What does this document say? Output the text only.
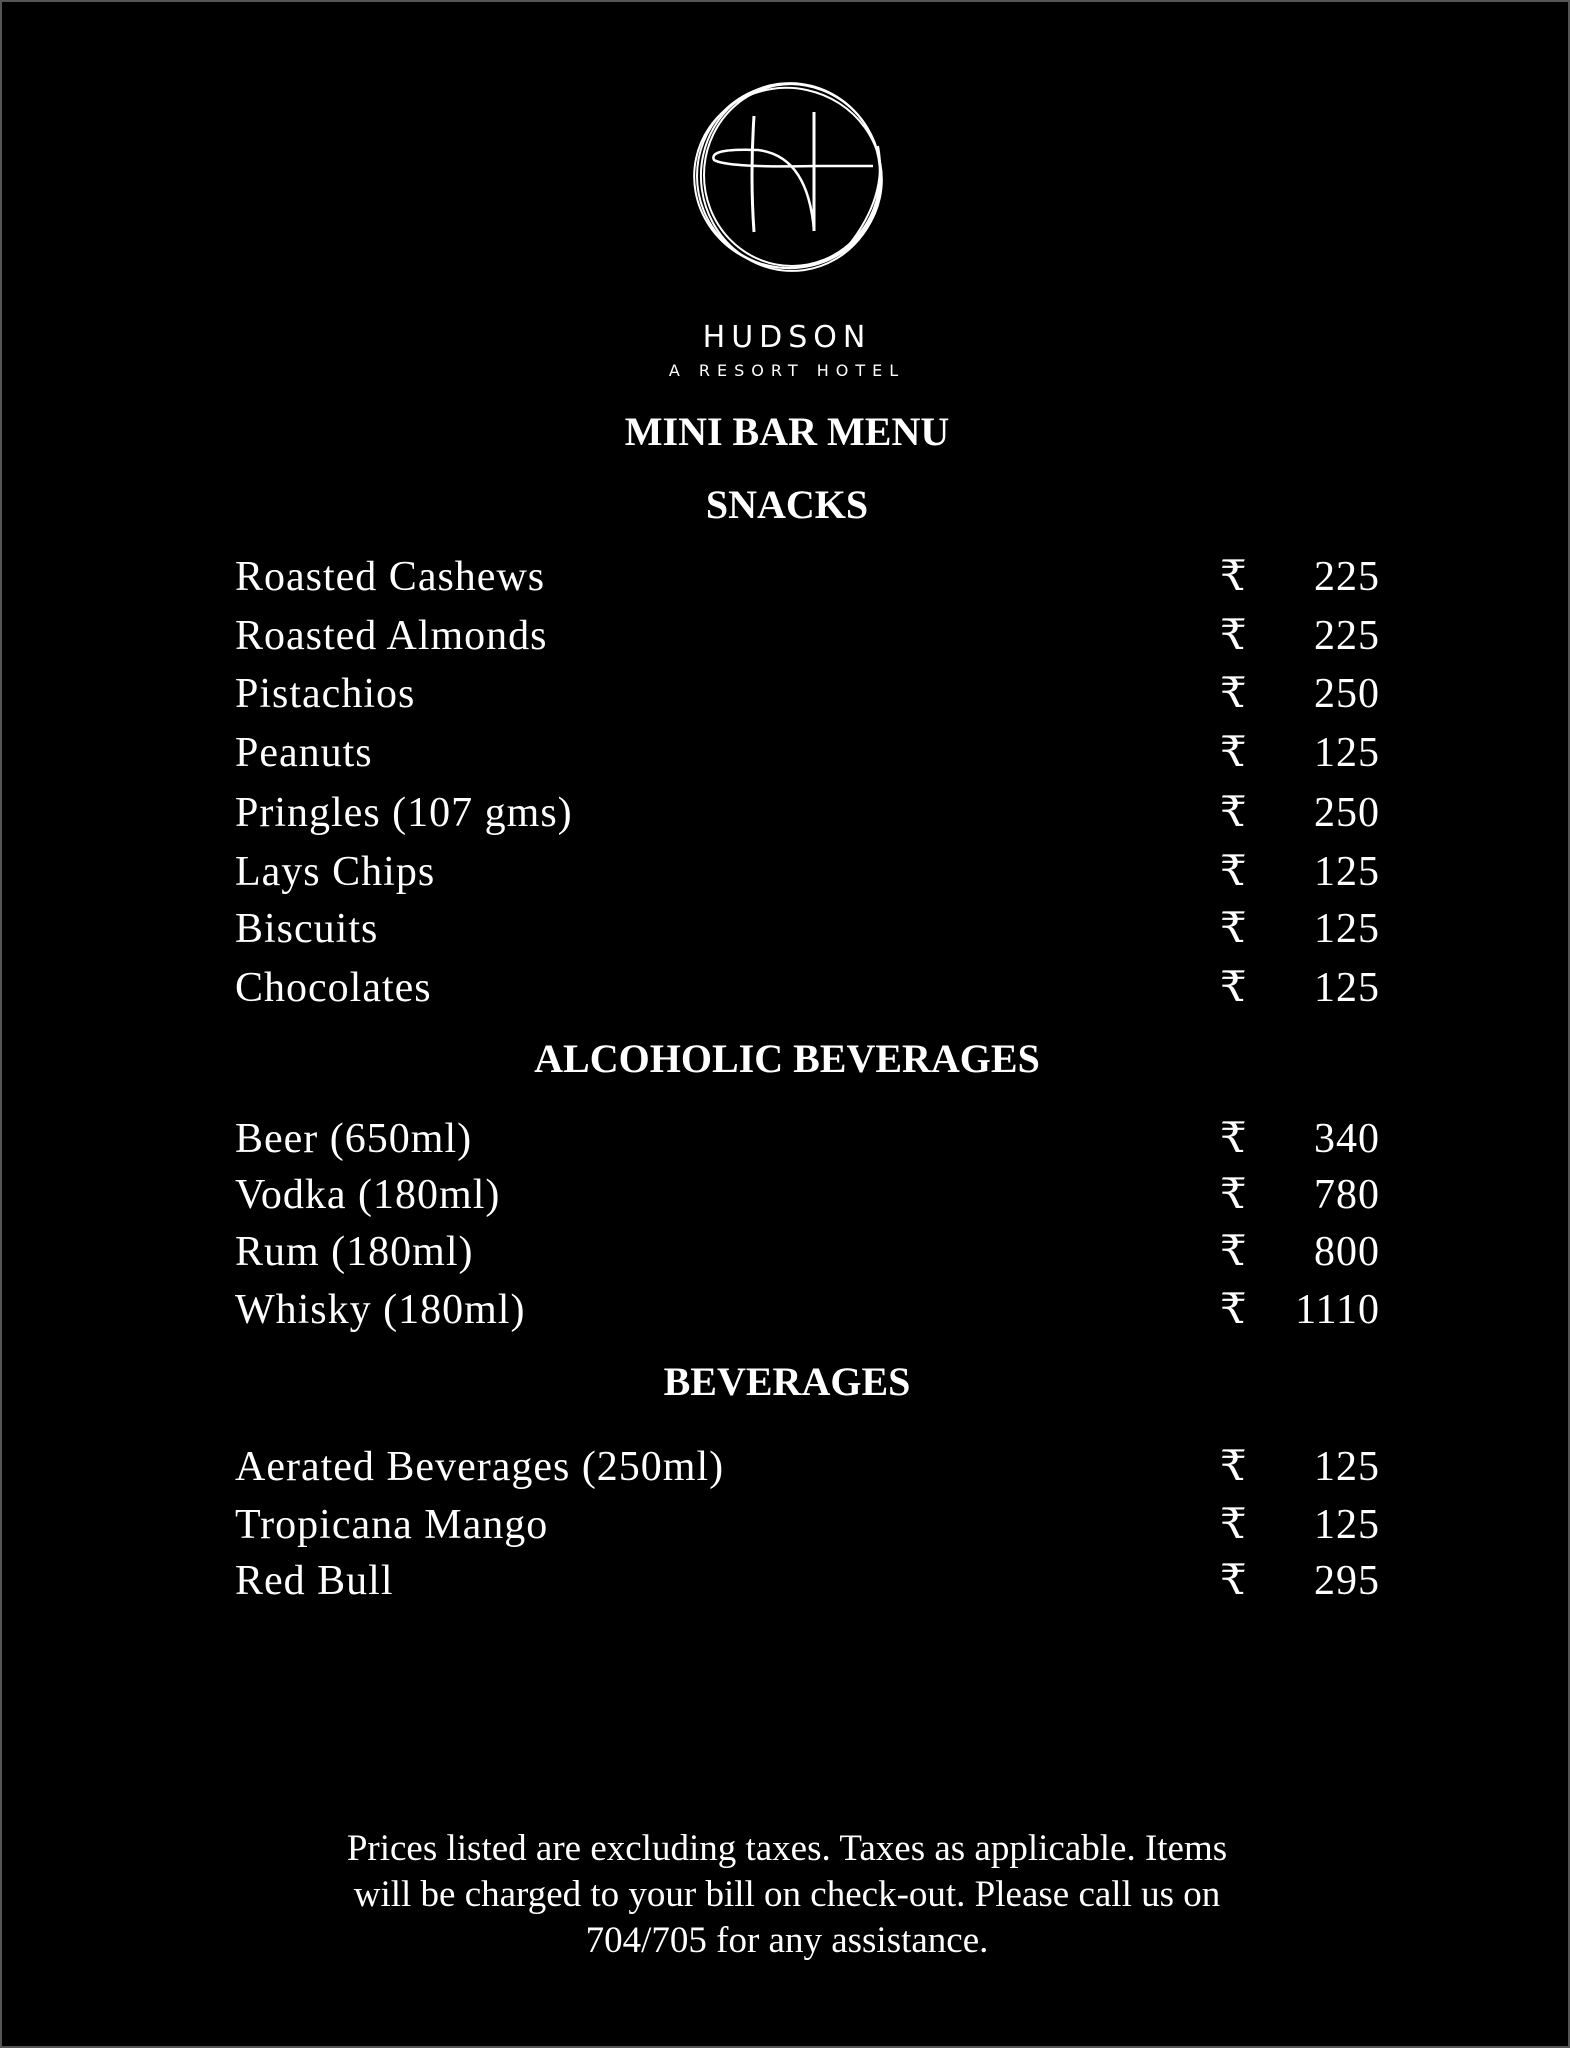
HUDSON
A RESORT HOTEL
MINI BAR MENU
SNACKS
ALCOHOLIC BEVERAGES
BEVERAGES
Prices listed are excluding taxes. Taxes as applicable. Items
will be charged to your bill on check-out. Please call us on
704/705 for any assistance.
Roasted Cashews	₹ 225
Roasted Almonds	₹ 225
Pistachios	₹ 250
Peanuts	₹ 125
Pringles (107 gms)	₹ 250
Lays Chips	₹ 125
Biscuits	₹ 125
Chocolates	₹ 125
Beer (650ml)	₹ 340
Vodka (180ml)	₹ 780
Rum (180ml)	₹ 800
Whisky (180ml)	₹ 1110
Aerated Beverages (250ml)	₹ 125
Tropicana Mango	₹ 125
Red Bull	₹ 295
